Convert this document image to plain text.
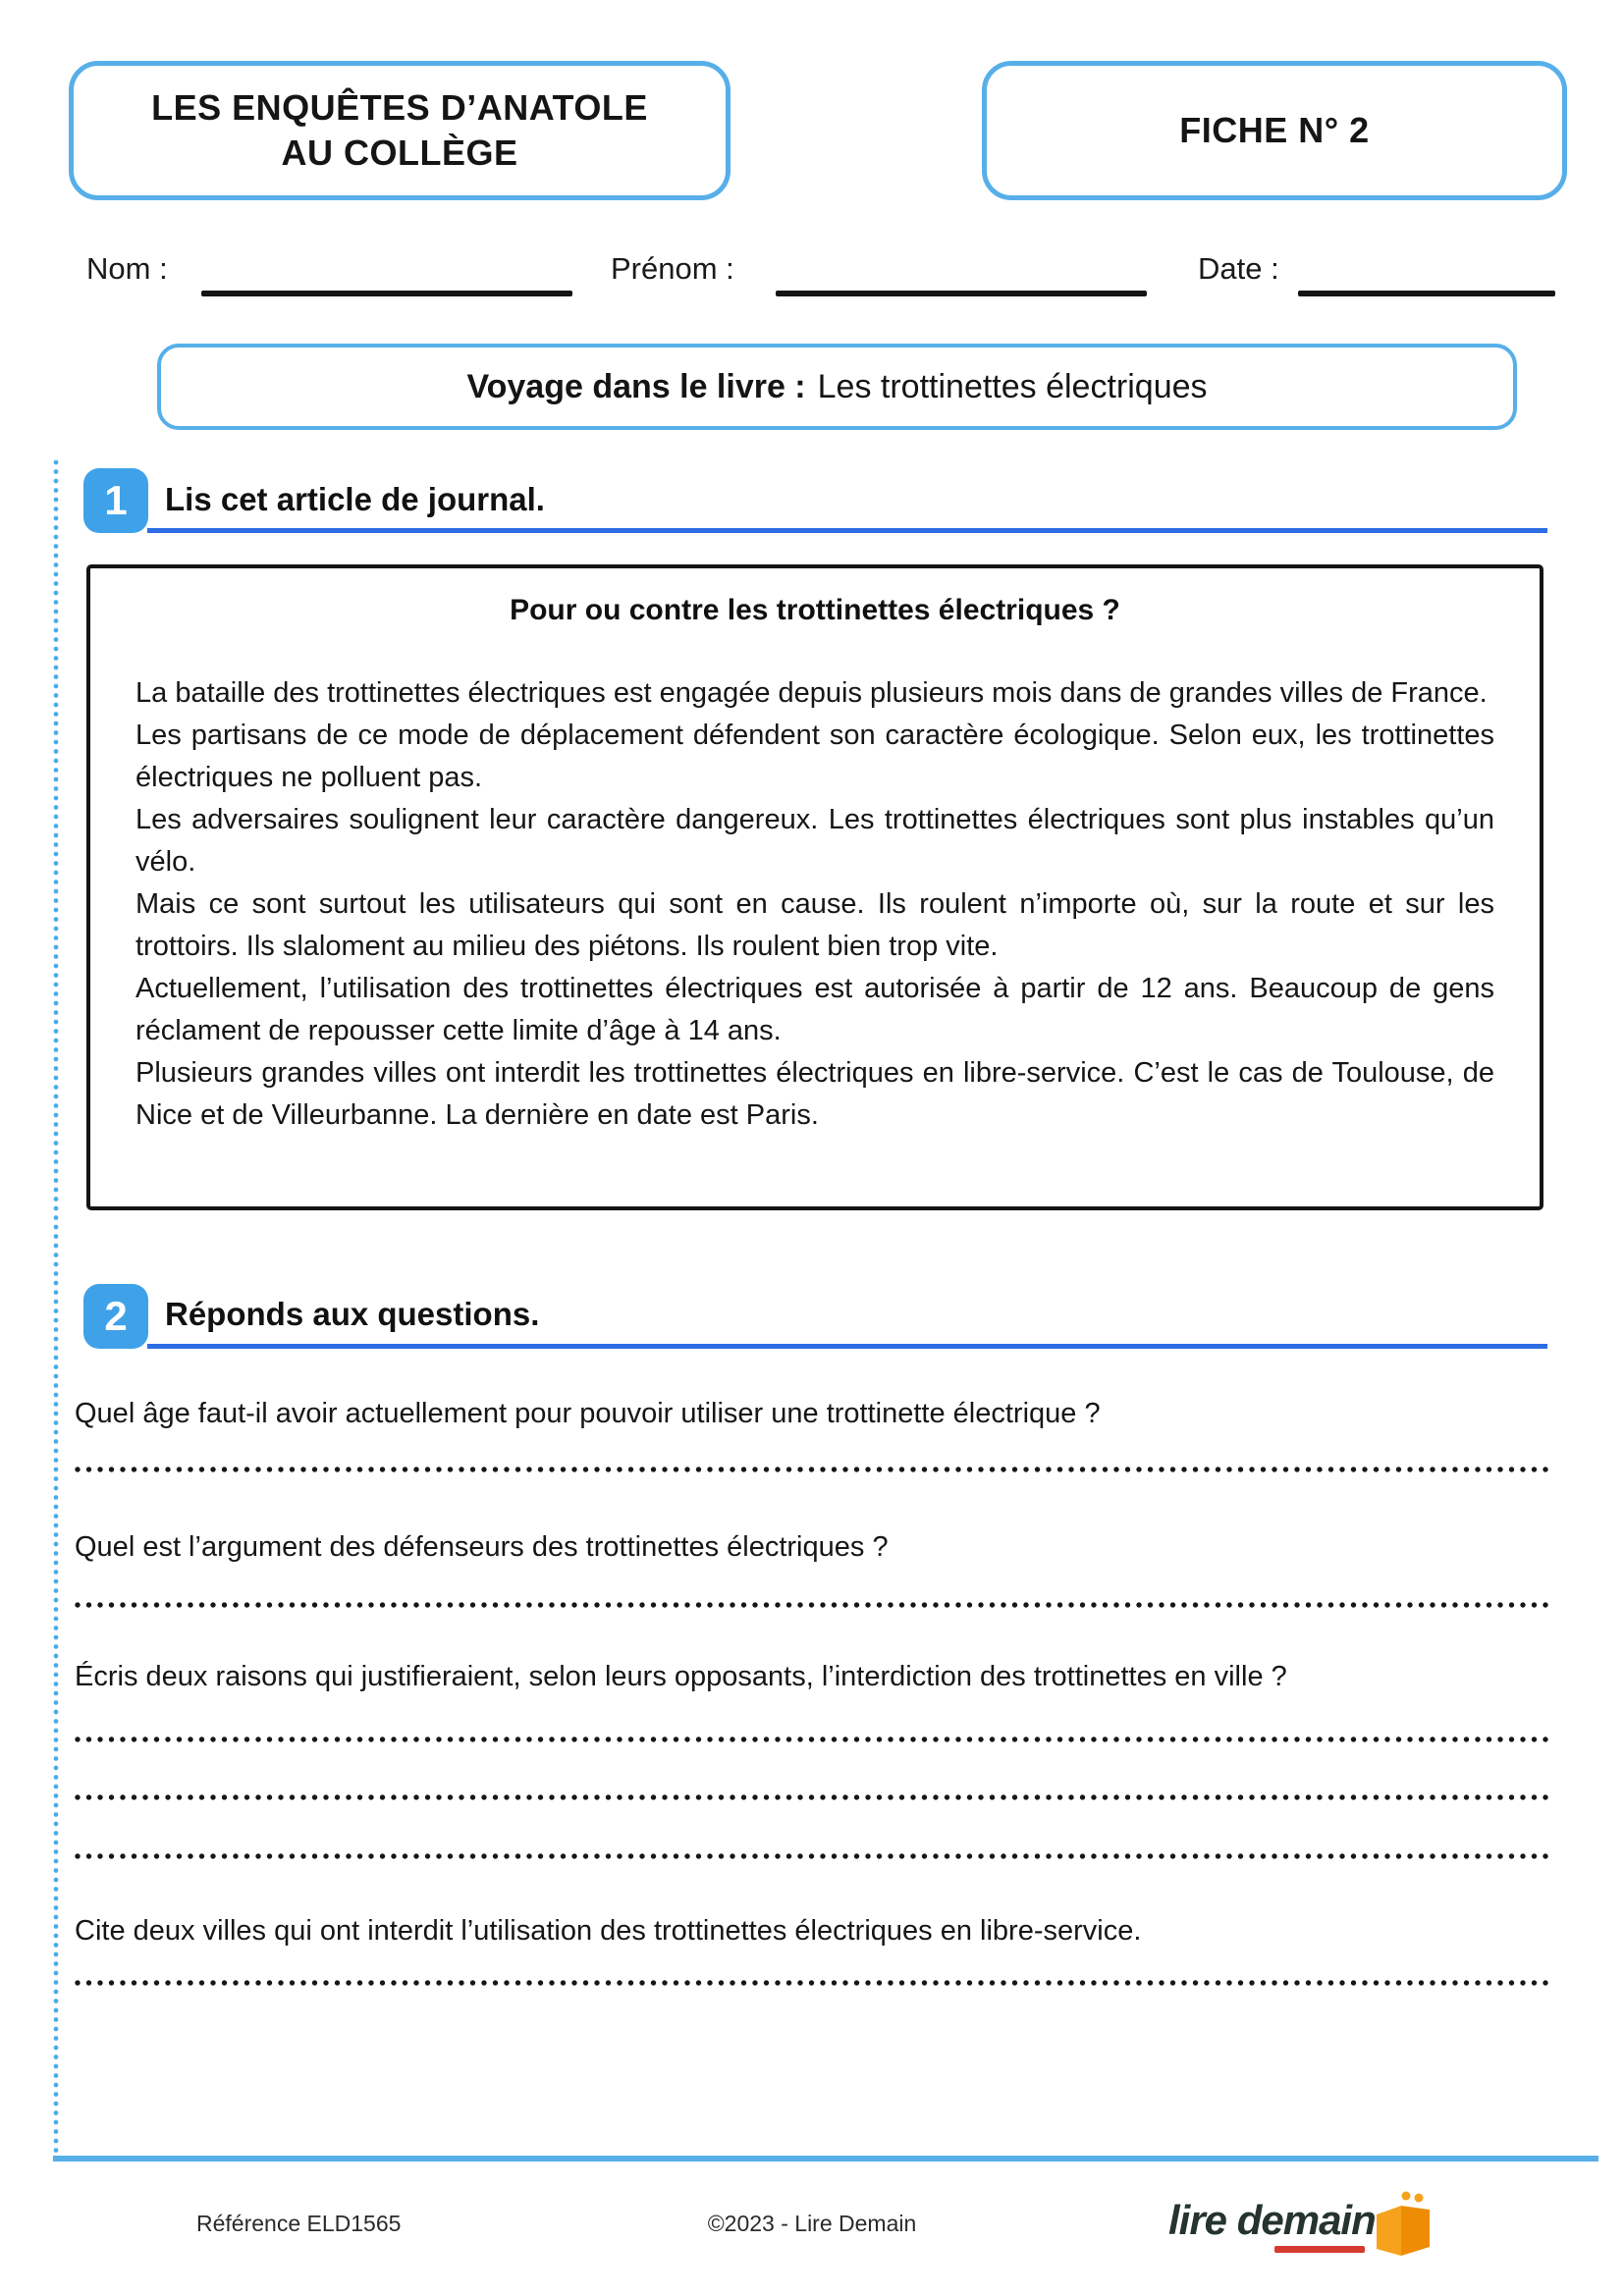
LES ENQUÊTES D’ANATOLE
AU COLLÈGE
FICHE N° 2
Nom :	Prénom :	Date :
Voyage dans le livre : Les trottinettes électriques
1 Lis cet article de journal.
Pour ou contre les trottinettes électriques ?

La bataille des trottinettes électriques est engagée depuis plusieurs mois dans de grandes villes de France.

Les partisans de ce mode de déplacement défendent son caractère écologique. Selon eux, les trottinettes électriques ne polluent pas.

Les adversaires soulignent leur caractère dangereux. Les trottinettes électriques sont plus instables qu’un vélo.

Mais ce sont surtout les utilisateurs qui sont en cause. Ils roulent n’importe où, sur la route et sur les trottoirs. Ils slaloment au milieu des piétons. Ils roulent bien trop vite.

Actuellement, l’utilisation des trottinettes électriques est autorisée à partir de 12 ans. Beaucoup de gens réclament de repousser cette limite d’âge à 14 ans.

Plusieurs grandes villes ont interdit les trottinettes électriques en libre-service. C’est le cas de Toulouse, de Nice et de Villeurbanne. La dernière en date est Paris.

2 Réponds aux questions.
Quel âge faut-il avoir actuellement pour pouvoir utiliser une trottinette électrique ?
Quel est l’argument des défenseurs des trottinettes électriques ?
Écris deux raisons qui justifieraient, selon leurs opposants, l’interdiction des trottinettes en ville ?
Cite deux villes qui ont interdit l’utilisation des trottinettes électriques en libre-service.
Référence ELD1565	©2023 - Lire Demain	lire demain
